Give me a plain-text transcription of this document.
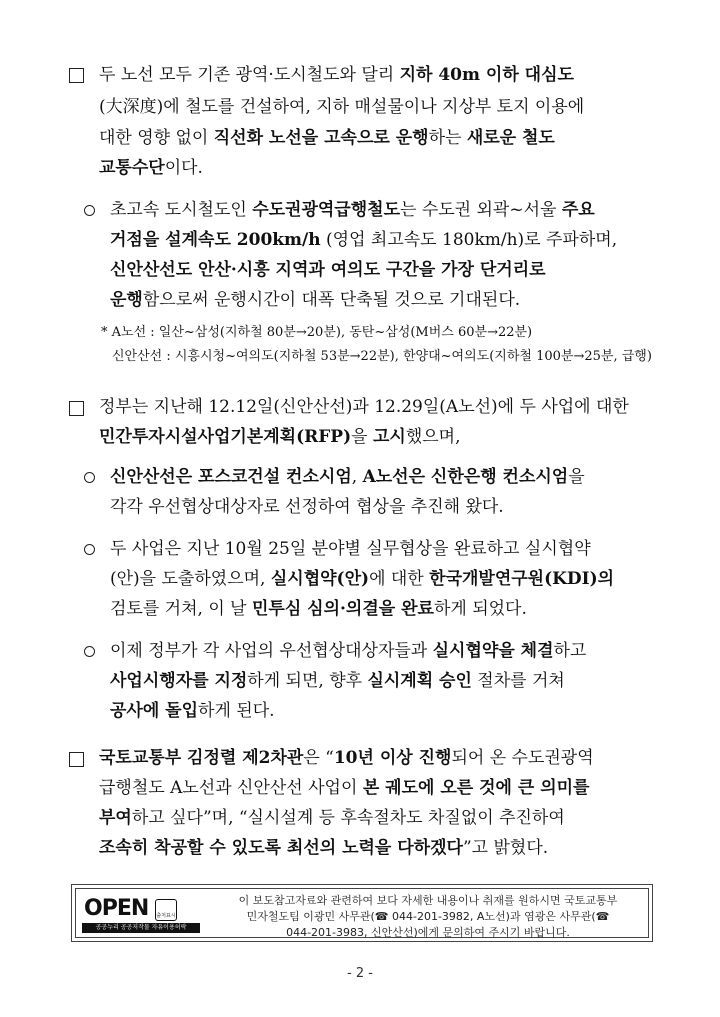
두 노선 모두 기존 광역·도시철도와 달리 지하 40m 이하 대심도
(大深度)에 철도를 건설하여, 지하 매설물이나 지상부 토지 이용에
대한 영향 없이 직선화 노선을 고속으로 운행하는 새로운 철도
교통수단이다.
초고속 도시철도인 수도권광역급행철도는 수도권 외곽~서울 주요
거점을 설계속도 200km/h (영업 최고속도 180km/h)로 주파하며,
신안산선도 안산·시흥 지역과 여의도 구간을 가장 단거리로
운행함으로써 운행시간이 대폭 단축될 것으로 기대된다.
* A노선 : 일산~삼성(지하철 80분→20분), 동탄~삼성(M버스 60분→22분)
신안산선 : 시흥시청~여의도(지하철 53분→22분), 한양대~여의도(지하철 100분→25분, 급행)
정부는 지난해 12.12일(신안산선)과 12.29일(A노선)에 두 사업에 대한
민간투자시설사업기본계획(RFP)을 고시했으며,
신안산선은 포스코건설 컨소시엄, A노선은 신한은행 컨소시엄을
각각 우선협상대상자로 선정하여 협상을 추진해 왔다.
두 사업은 지난 10월 25일 분야별 실무협상을 완료하고 실시협약
(안)을 도출하였으며, 실시협약(안)에 대한 한국개발연구원(KDI)의
검토를 거쳐, 이 날 민투심 심의·의결을 완료하게 되었다.
이제 정부가 각 사업의 우선협상대상자들과 실시협약을 체결하고
사업시행자를 지정하게 되면, 향후 실시계획 승인 절차를 거쳐
공사에 돌입하게 된다.
국토교통부 김정렬 제2차관은 “10년 이상 진행되어 온 수도권광역
급행철도 A노선과 신안산선 사업이 본 궤도에 오른 것에 큰 의미를
부여하고 싶다”며, “실시설계 등 후속절차도 차질없이 추진하여
조속히 착공할 수 있도록 최선의 노력을 다하겠다”고 밝혔다.
OPEN 출처표시
공공누리 공공저작물 자유이용허락
이 보도참고자료와 관련하여 보다 자세한 내용이나 취재를 원하시면 국토교통부
민자철도팀 이광민 사무관(☎ 044-201-3982, A노선)과 염광은 사무관(☎
044-201-3983, 신안산선)에게 문의하여 주시기 바랍니다.
- 2 -
